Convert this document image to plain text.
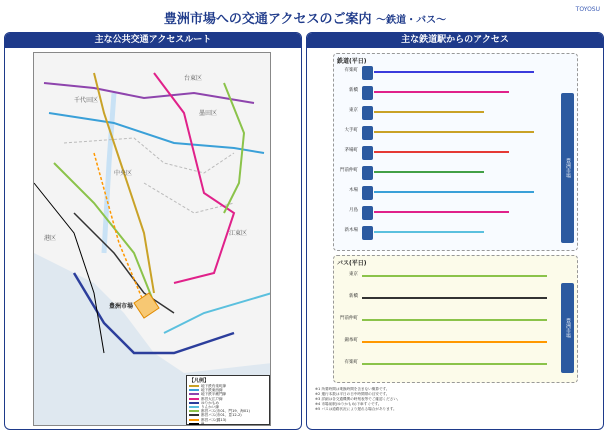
豊洲市場への交通アクセスのご案内 〜鉄道・バス〜
TOYOSU
主な公共交通アクセスルート
千代田区
台東区
墨田区
中央区
港区
江東区
豊洲市場
【凡例】
地下鉄有楽町線
地下鉄東西線
地下鉄半蔵門線
都営大江戸線
ゆりかもめ
りんかい線
都営バス(市01、門19、海01)
都営バス(市01、豊12-2)
都営バス(錦13)
JR
主な鉄道駅からのアクセス
鉄道(平日)
有楽町
新橋
東京
大手町
茅場町
門前仲町
木場
月島
新木場
バス(平日)
東京
新橋
門前仲町
錦糸町
有楽町
豊洲市場
豊洲市場
※1 所要時間は乗換時間を含まない概算です。
※2 運行本数は平日の日中時間帯の目安です。
※3 詳細は各交通機関の時刻表等でご確認ください。
※4 市場前駅(ゆりかもめ)下車すぐです。
※5 バスは道路状況により遅れる場合があります。
